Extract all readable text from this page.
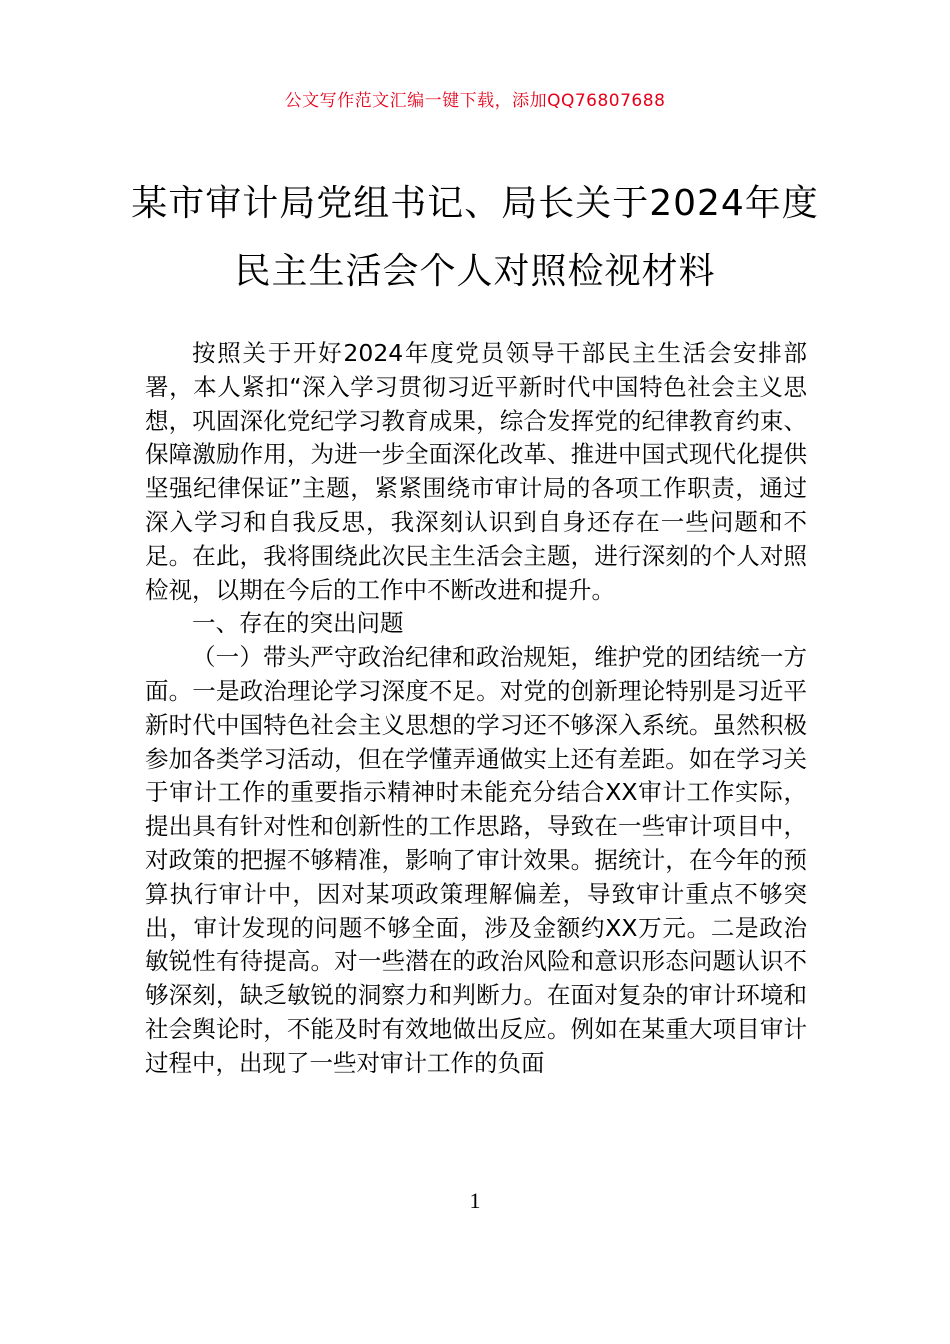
公文写作范文汇编一键下载，添加QQ76807688
某市审计局党组书记、局长关于2024年度
民主生活会个人对照检视材料

按照关于开好2024年度党员领导干部民主生活会安排部署，本人紧扣“深入学习贯彻习近平新时代中国特色社会主义思想，巩固深化党纪学习教育成果，综合发挥党的纪律教育约束、保障激励作用，为进一步全面深化改革、推进中国式现代化提供坚强纪律保证”主题，紧紧围绕市审计局的各项工作职责，通过深入学习和自我反思，我深刻认识到自身还存在一些问题和不足。在此，我将围绕此次民主生活会主题，进行深刻的个人对照检视，以期在今后的工作中不断改进和提升。

一、存在的突出问题

（一）带头严守政治纪律和政治规矩，维护党的团结统一方面。一是政治理论学习深度不足。对党的创新理论特别是习近平新时代中国特色社会主义思想的学习还不够深入系统。虽然积极参加各类学习活动，但在学懂弄通做实上还有差距。如在学习关于审计工作的重要指示精神时未能充分结合XX审计工作实际，提出具有针对性和创新性的工作思路，导致在一些审计项目中，对政策的把握不够精准，影响了审计效果。据统计，在今年的预算执行审计中，因对某项政策理解偏差，导致审计重点不够突出，审计发现的问题不够全面，涉及金额约XX万元。二是政治敏锐性有待提高。对一些潜在的政治风险和意识形态问题认识不够深刻，缺乏敏锐的洞察力和判断力。在面对复杂的审计环境和社会舆论时，不能及时有效地做出反应。例如在某重大项目审计过程中，出现了一些对审计工作的负面

1
